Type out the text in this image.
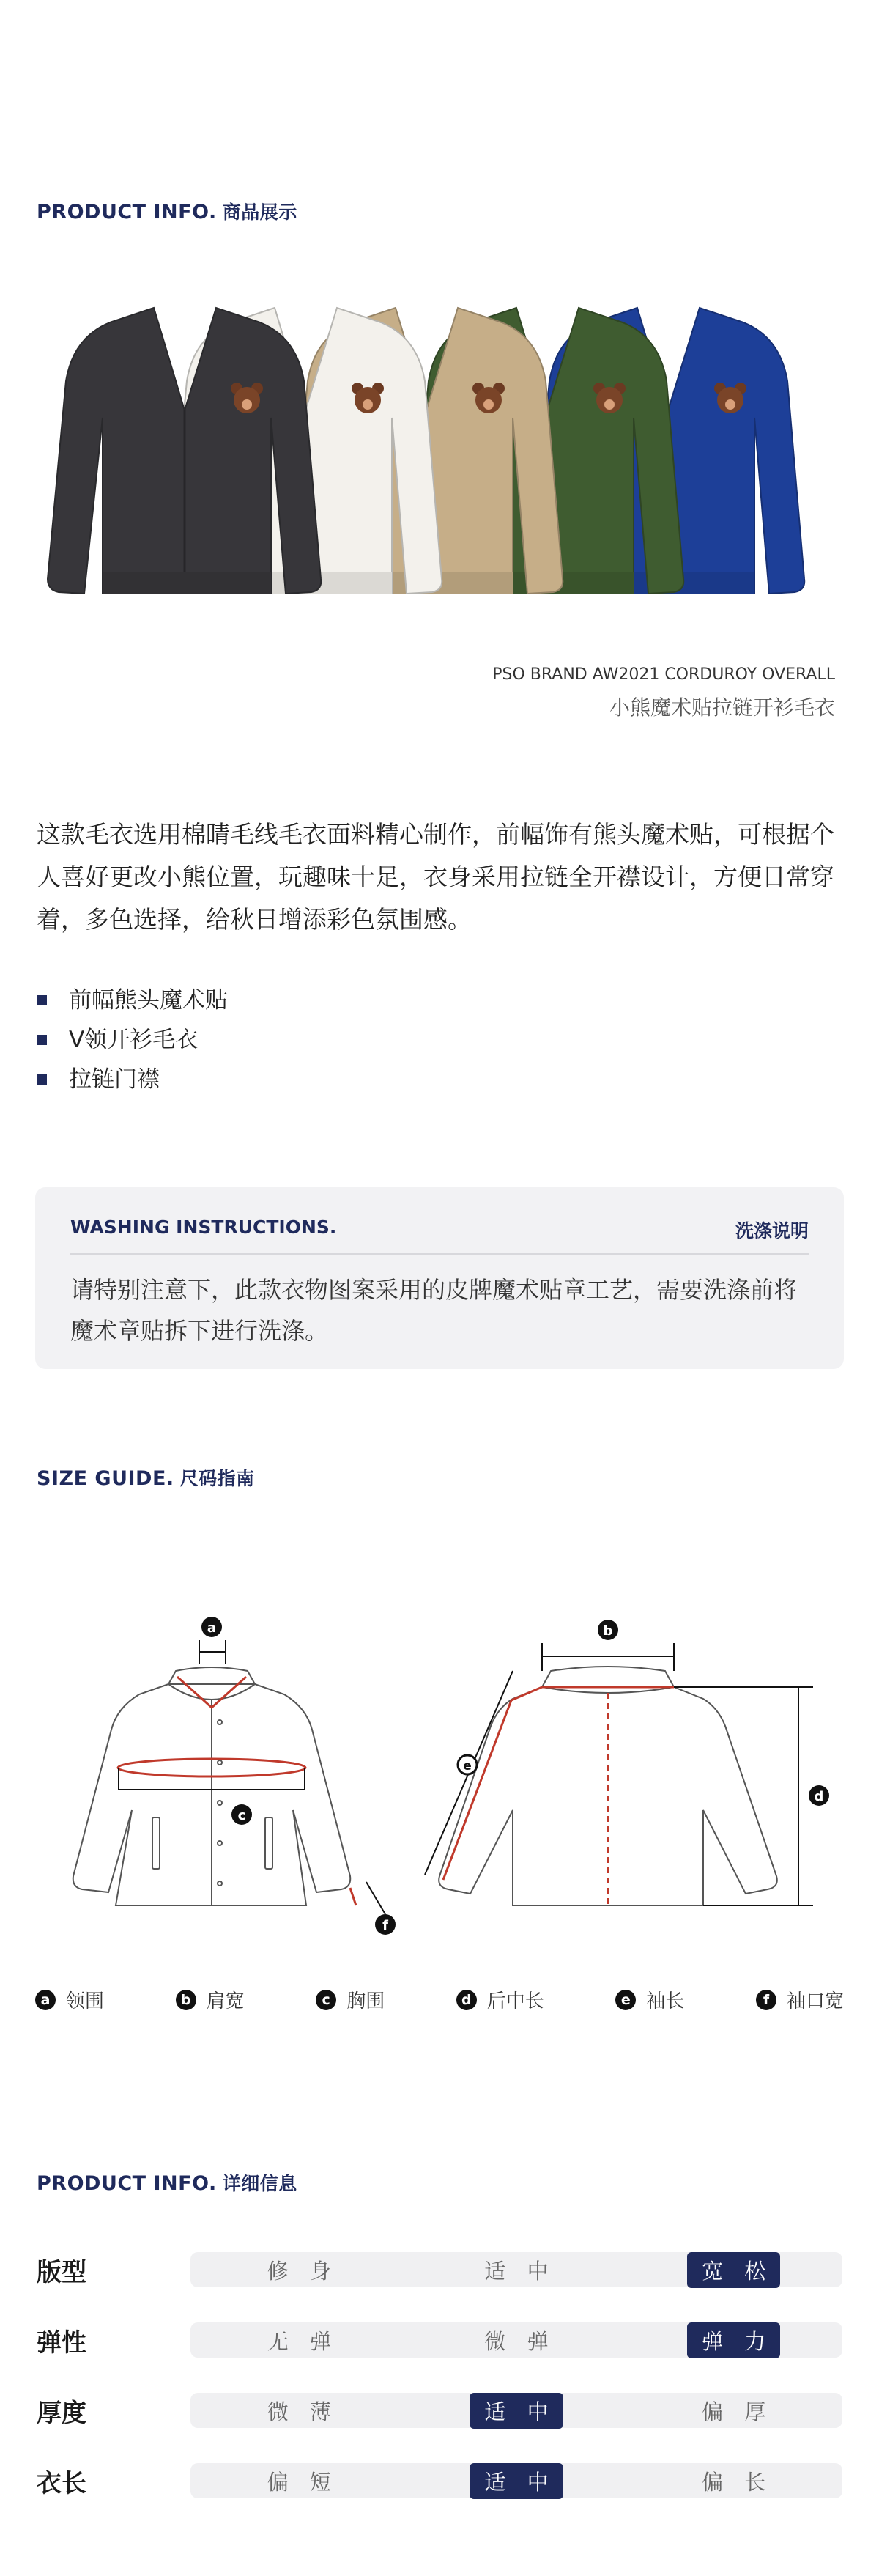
PRODUCT INFO. 商品展示
PSO BRAND AW2021 CORDUROY OVERALL
小熊魔术贴拉链开衫毛衣
这款毛衣选用棉睛毛线毛衣面料精心制作，前幅饰有熊头魔术贴，可根据个人喜好更改小熊位置，玩趣味十足，衣身采用拉链全开襟设计，方便日常穿着，多色选择，给秋日增添彩色氛围感。
前幅熊头魔术贴
V领开衫毛衣
拉链门襟
WASHING INSTRUCTIONS.	洗涤说明
请特别注意下，此款衣物图案采用的皮牌魔术贴章工艺，需要洗涤前将魔术章贴拆下进行洗涤。
SIZE GUIDE. 尺码指南
a
c
f
b
e
d
a 领围	b 肩宽	c 胸围	d 后中长	e 袖长	f 袖口宽
PRODUCT INFO. 详细信息
版型	修 身	适 中	宽 松
弹性	无 弹	微 弹	弹 力
厚度	微 薄	适 中	偏 厚
衣长	偏 短	适 中	偏 长
